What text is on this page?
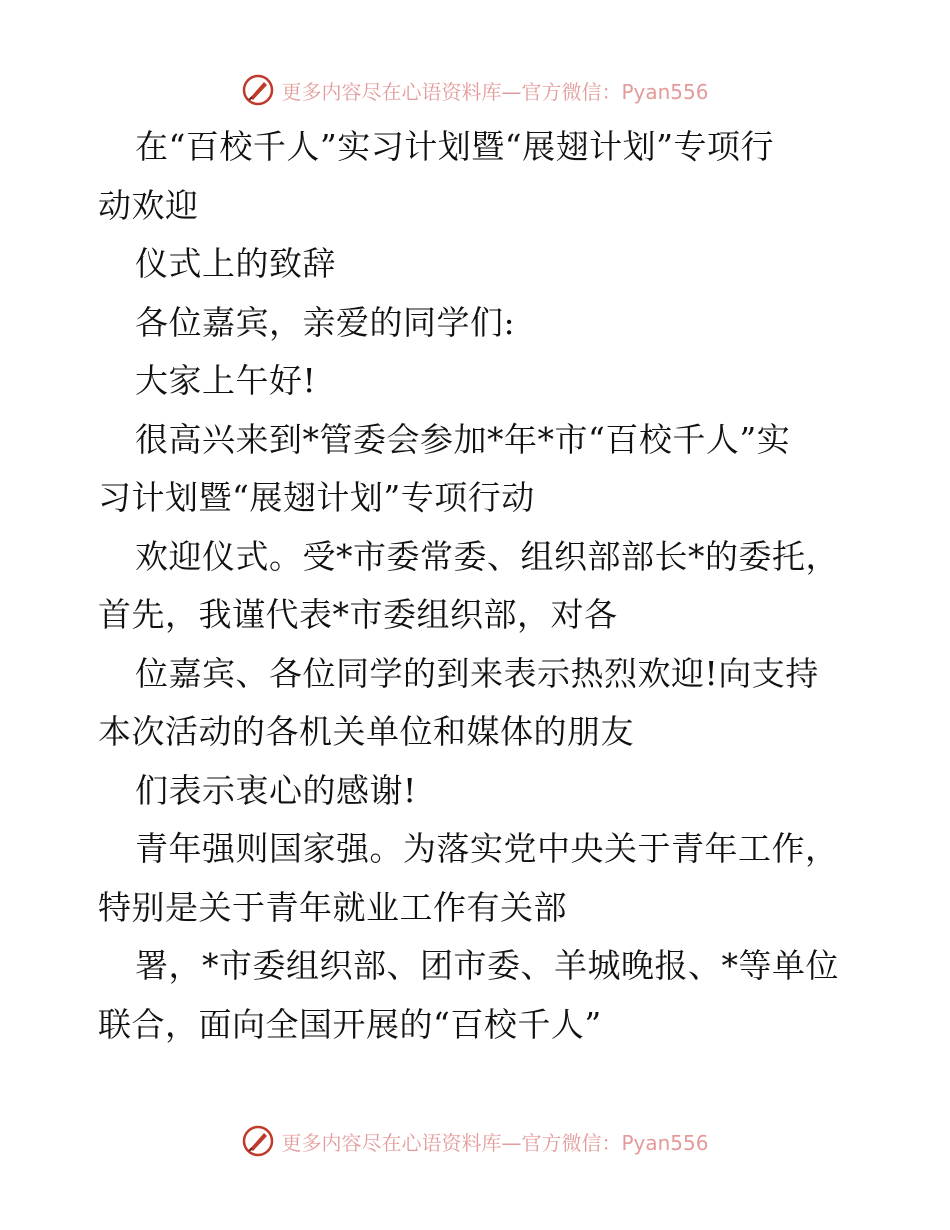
更多内容尽在心语资料库—官方微信：Pyan556
在“百校千人”实习计划暨“展翅计划”专项行
动欢迎
仪式上的致辞
各位嘉宾，亲爱的同学们:
大家上午好!
很高兴来到*管委会参加*年*市“百校千人”实
习计划暨“展翅计划”专项行动
欢迎仪式。受*市委常委、组织部部长*的委托，
首先，我谨代表*市委组织部，对各
位嘉宾、各位同学的到来表示热烈欢迎!向支持
本次活动的各机关单位和媒体的朋友
们表示衷心的感谢!
青年强则国家强。为落实党中央关于青年工作，
特别是关于青年就业工作有关部
署，*市委组织部、团市委、羊城晚报、*等单位
联合，面向全国开展的“百校千人”
更多内容尽在心语资料库—官方微信：Pyan556
